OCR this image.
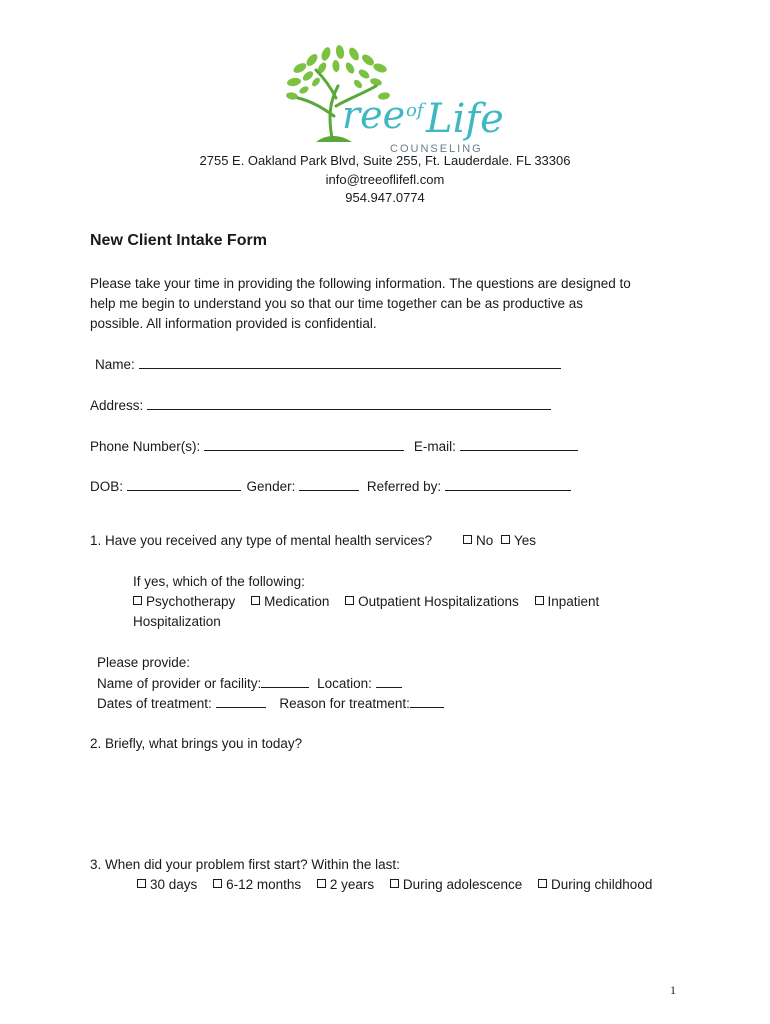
ree of Life
COUNSELING
2755 E. Oakland Park Blvd, Suite 255, Ft. Lauderdale. FL 33306
info@treeoflifefl.com
954.947.0774
New Client Intake Form
Please take your time in providing the following information. The questions are designed to
help me begin to understand you so that our time together can be as productive as
possible. All information provided is confidential.
Name:
Address:
Phone Number(s):	E-mail:
DOB:	Gender:	Referred by:
1. Have you received any type of mental health services?	No Yes
If yes, which of the following:
Psychotherapy Medication Outpatient Hospitalizations Inpatient
Hospitalization
Please provide:
Name of provider or facility:	Location:
Dates of treatment:	Reason for treatment:
2. Briefly, what brings you in today?
3. When did your problem first start? Within the last:
30 days 6-12 months 2 years During adolescence During childhood
1
